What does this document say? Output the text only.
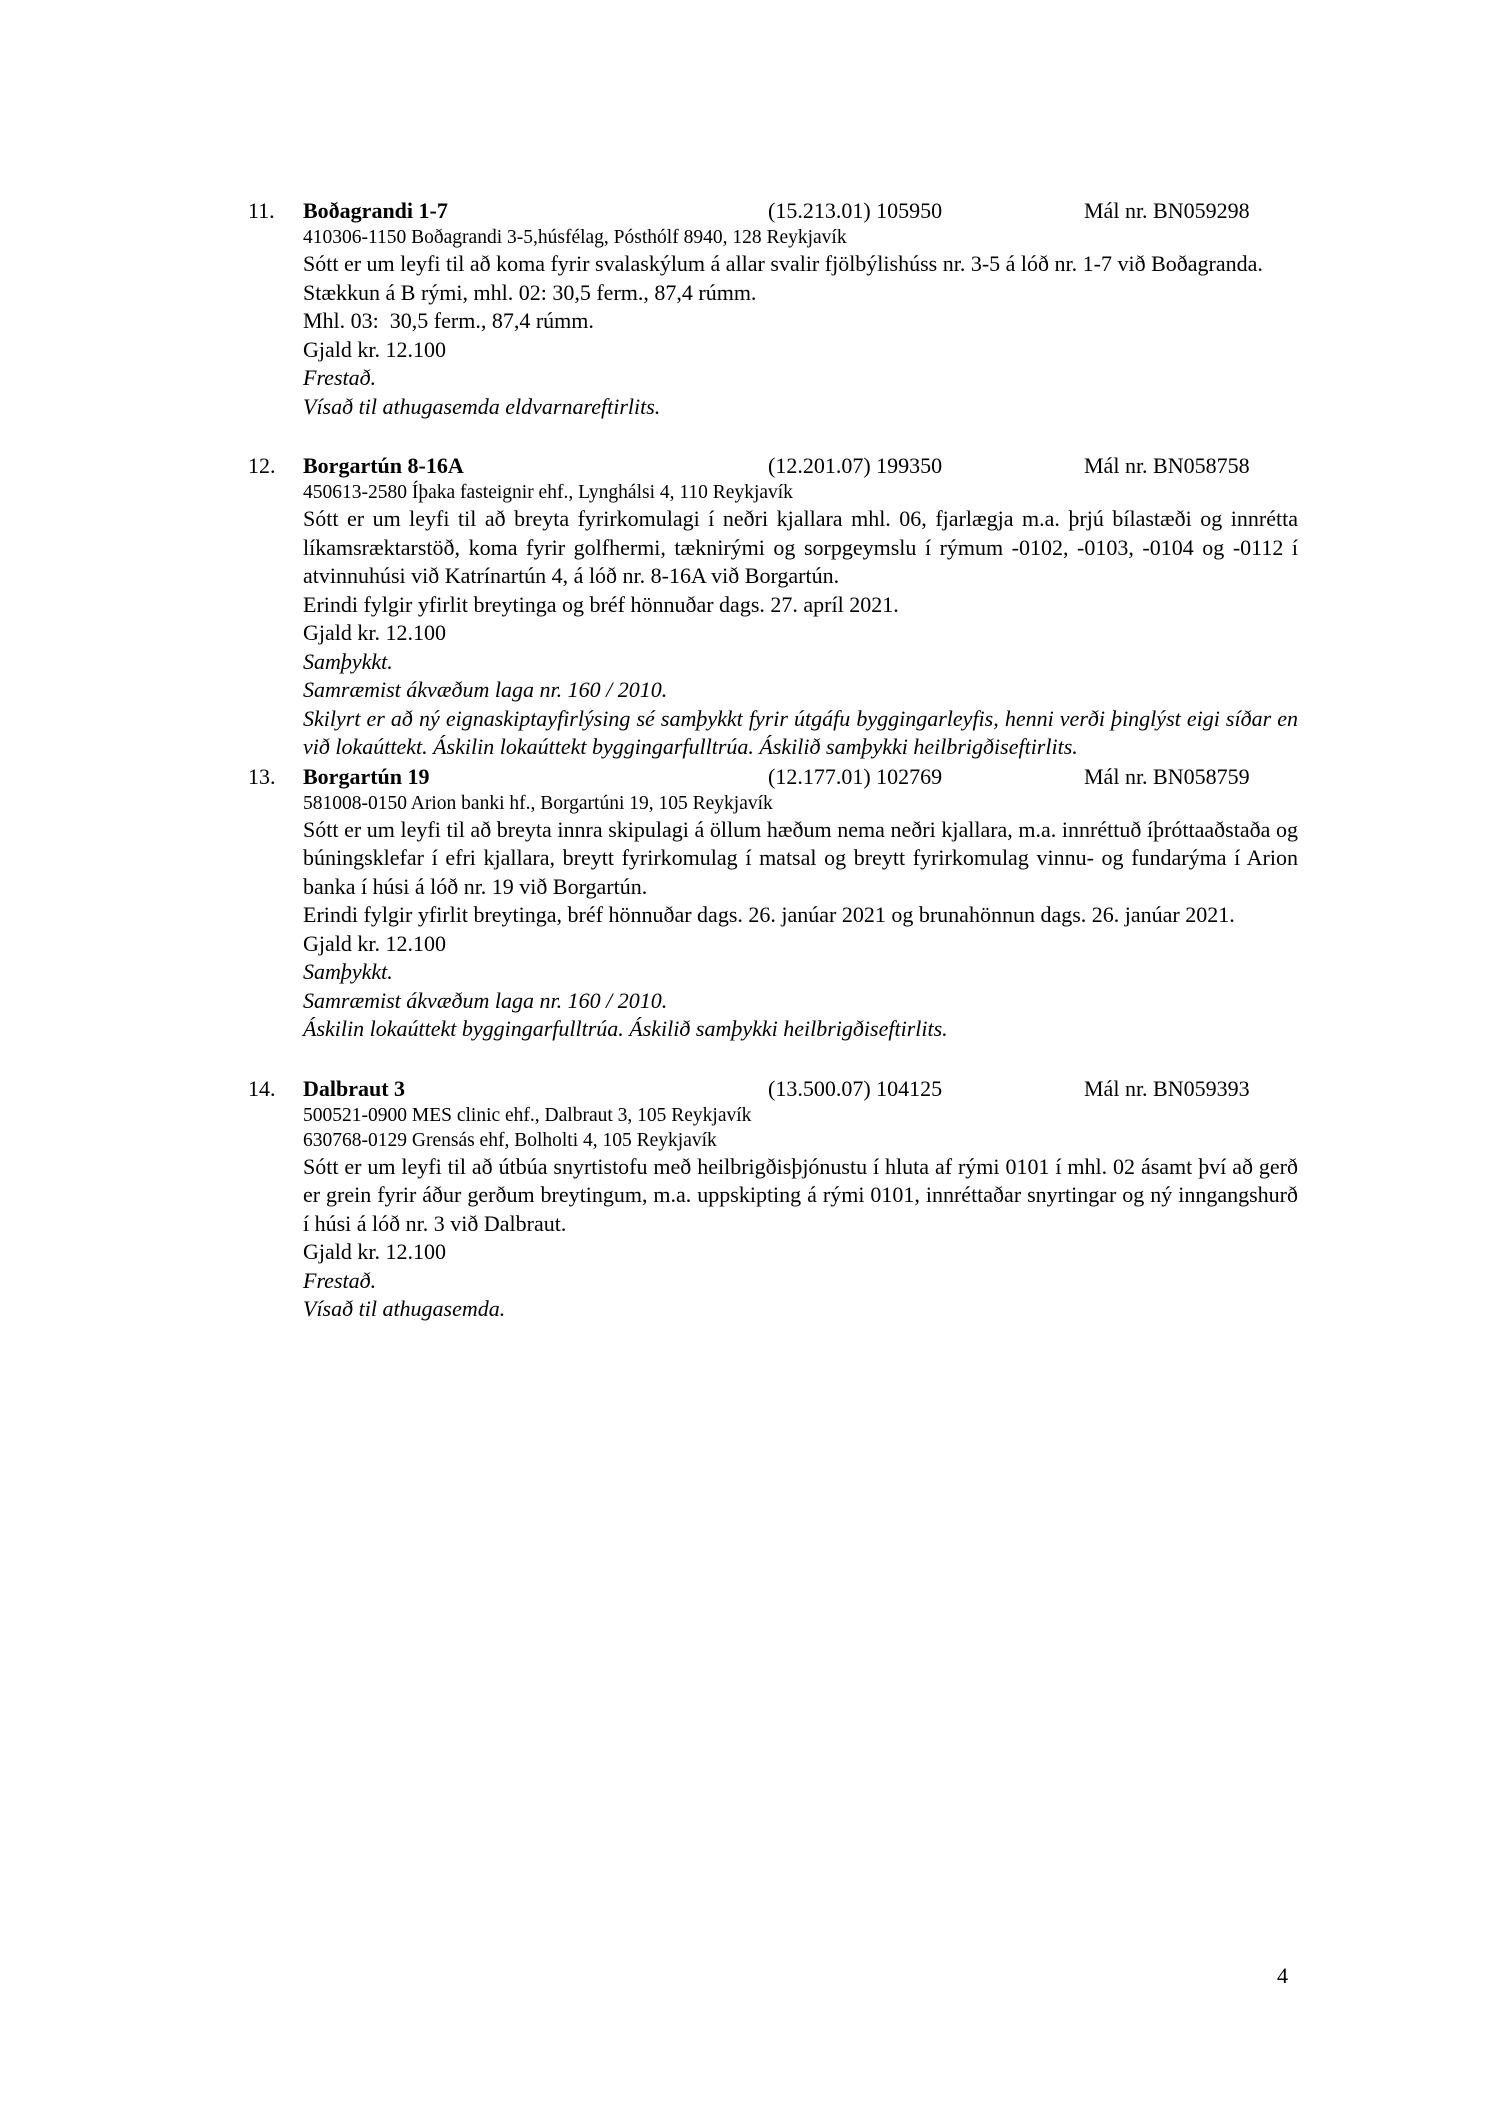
11.	Boðagrandi 1-7	(15.213.01) 105950	Mál nr. BN059298
410306-1150 Boðagrandi 3-5,húsfélag, Pósthólf 8940, 128 Reykjavík

Sótt er um leyfi til að koma fyrir svalaskýlum á allar svalir fjölbýlishúss nr. 3-5 á lóð nr. 1-7 við Boðagranda.

Stækkun á B rými, mhl. 02: 30,5 ferm., 87,4 rúmm.

Mhl. 03:  30,5 ferm., 87,4 rúmm.

Gjald kr. 12.100

Frestað.

Vísað til athugasemda eldvarnareftirlits.

12.	Borgartún 8-16A	(12.201.07) 199350	Mál nr. BN058758
450613-2580 Íþaka fasteignir ehf., Lynghálsi 4, 110 Reykjavík

Sótt er um leyfi til að breyta fyrirkomulagi í neðri kjallara mhl. 06, fjarlægja m.a. þrjú bílastæði og innrétta líkamsræktarstöð, koma fyrir golfhermi, tæknirými og sorpgeymslu í rýmum -0102, -0103, -0104 og -0112 í atvinnuhúsi við Katrínartún 4, á lóð nr. 8-16A við Borgartún.

Erindi fylgir yfirlit breytinga og bréf hönnuðar dags. 27. apríl 2021.

Gjald kr. 12.100

Samþykkt.

Samræmist ákvæðum laga nr. 160 / 2010.

Skilyrt er að ný eignaskiptayfirlýsing sé samþykkt fyrir útgáfu byggingarleyfis, henni verði þinglýst eigi síðar en við lokaúttekt. Áskilin lokaúttekt byggingarfulltrúa. Áskilið samþykki heilbrigðiseftirlits.

13.	Borgartún 19	(12.177.01) 102769	Mál nr. BN058759
581008-0150 Arion banki hf., Borgartúni 19, 105 Reykjavík

Sótt er um leyfi til að breyta innra skipulagi á öllum hæðum nema neðri kjallara, m.a. innréttuð íþróttaaðstaða og búningsklefar í efri kjallara, breytt fyrirkomulag í matsal og breytt fyrirkomulag vinnu- og fundarýma í Arion banka í húsi á lóð nr. 19 við Borgartún.

Erindi fylgir yfirlit breytinga, bréf hönnuðar dags. 26. janúar 2021 og brunahönnun dags. 26. janúar 2021.

Gjald kr. 12.100

Samþykkt.

Samræmist ákvæðum laga nr. 160 / 2010.

Áskilin lokaúttekt byggingarfulltrúa. Áskilið samþykki heilbrigðiseftirlits.

14.	Dalbraut 3	(13.500.07) 104125	Mál nr. BN059393
500521-0900 MES clinic ehf., Dalbraut 3, 105 Reykjavík
630768-0129 Grensás ehf, Bolholti 4, 105 Reykjavík

Sótt er um leyfi til að útbúa snyrtistofu með heilbrigðisþjónustu í hluta af rými 0101 í mhl. 02 ásamt því að gerð er grein fyrir áður gerðum breytingum, m.a. uppskipting á rými 0101, innréttaðar snyrtingar og ný inngangshurð í húsi á lóð nr. 3 við Dalbraut.

Gjald kr. 12.100

Frestað.

Vísað til athugasemda.

4
